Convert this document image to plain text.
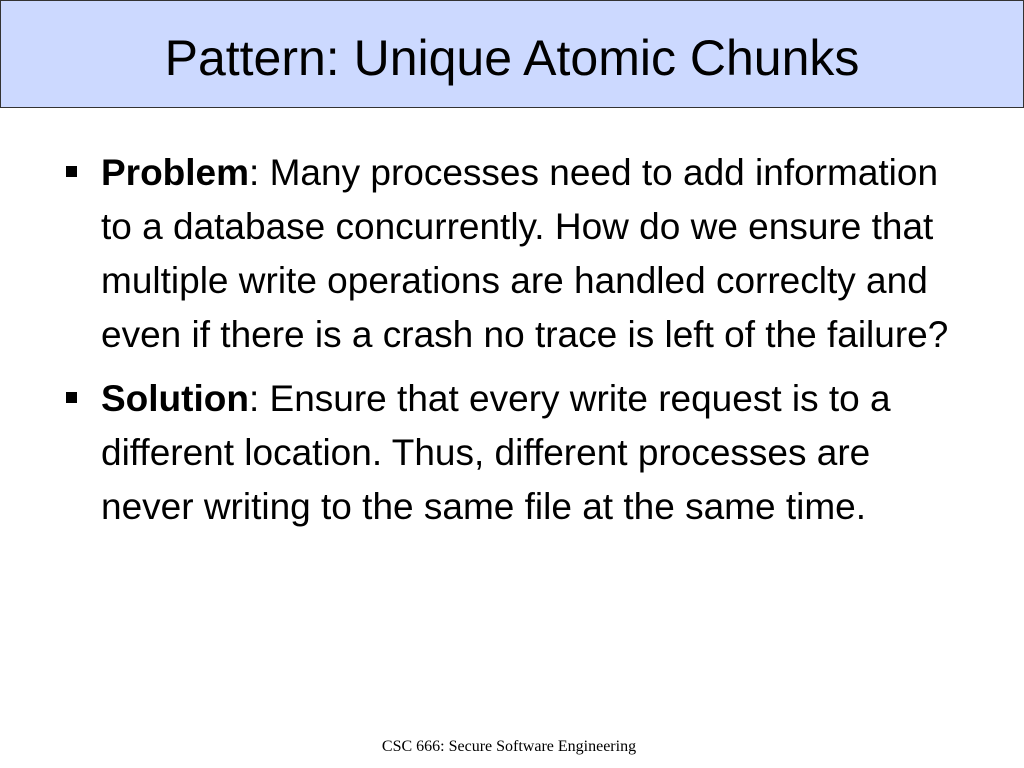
Pattern: Unique Atomic Chunks
Problem: Many processes need to add information to a database concurrently. How do we ensure that multiple write operations are handled correclty and even if there is a crash no trace is left of the failure?
Solution: Ensure that every write request is to a different location. Thus, different processes are never writing to the same file at the same time.
CSC 666: Secure Software Engineering
